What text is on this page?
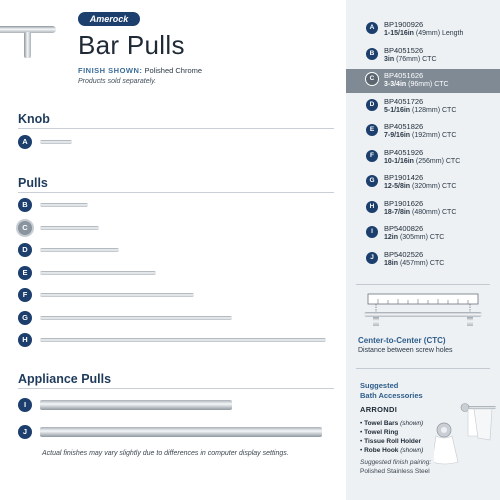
Amerock
Bar Pulls
FINISH SHOWN: Polished Chrome
Products sold separately.
Knob
A
Pulls
B
C
D
E
F
G
H
Appliance Pulls
I
J
Actual finishes may vary slightly due to differences in computer display settings.
A	BP1900926
1-15/16in (49mm) Length
B	BP4051526
3in (76mm) CTC
C	BP4051626
3-3/4in (96mm) CTC
D	BP4051726
5-1/16in (128mm) CTC
E	BP4051826
7-9/16in (192mm) CTC
F	BP4051926
10-1/16in (256mm) CTC
G	BP1901426
12-5/8in (320mm) CTC
H	BP1901626
18-7/8in (480mm) CTC
I	BP5400826
12in (305mm) CTC
J	BP5402526
18in (457mm) CTC
Center-to-Center (CTC)
Distance between screw holes
Suggested
Bath Accessories
ARRONDI
• Towel Bars (shown)
• Towel Ring
• Tissue Roll Holder
• Robe Hook (shown)
Suggested finish pairing:
Polished Stainless Steel
